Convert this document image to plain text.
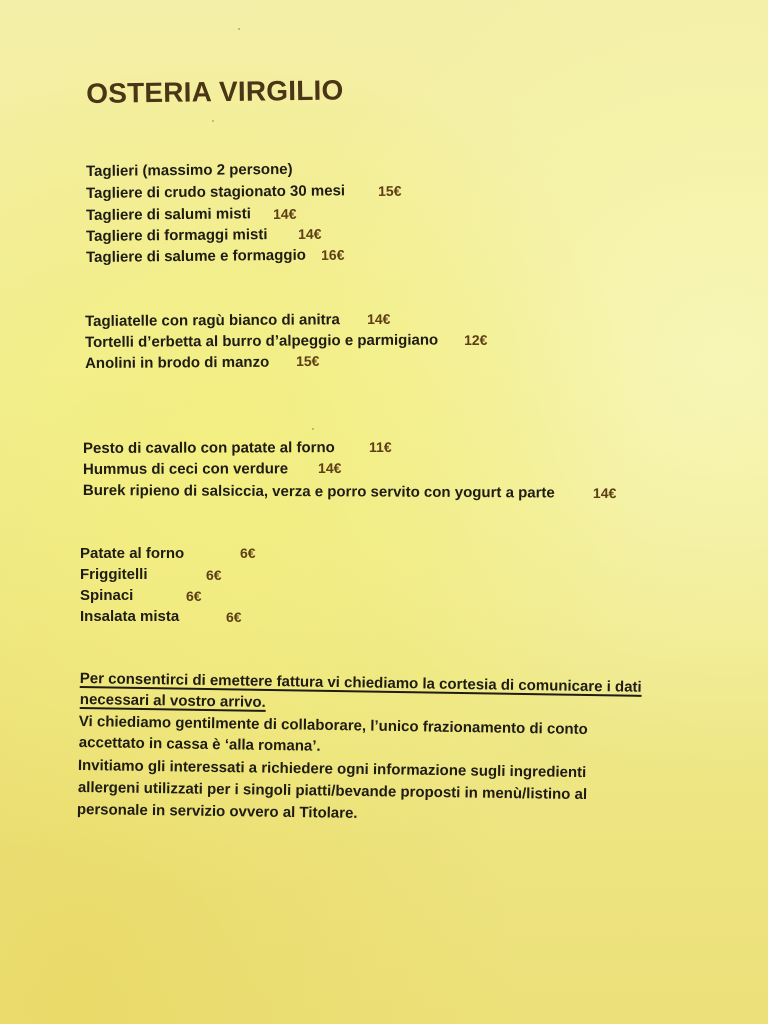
OSTERIA VIRGILIO
Taglieri (massimo 2 persone)
Tagliere di crudo stagionato 30 mesi 15€
Tagliere di salumi misti 14€
Tagliere di formaggi misti 14€
Tagliere di salume e formaggio 16€
Tagliatelle con ragù bianco di anitra 14€
Tortelli d’erbetta al burro d’alpeggio e parmigiano 12€
Anolini in brodo di manzo 15€
Pesto di cavallo con patate al forno 11€
Hummus di ceci con verdure 14€
Burek ripieno di salsiccia, verza e porro servito con yogurt a parte	14€
Patate al forno	6€
Friggitelli	6€
Spinaci	6€
Insalata mista	6€
Per consentirci di emettere fattura vi chiediamo la cortesia di comunicare i dati
necessari al vostro arrivo.
Vi chiediamo gentilmente di collaborare, l’unico frazionamento di conto
accettato in cassa è ‘alla romana’.
Invitiamo gli interessati a richiedere ogni informazione sugli ingredienti
allergeni utilizzati per i singoli piatti/bevande proposti in menù/listino al
personale in servizio ovvero al Titolare.
